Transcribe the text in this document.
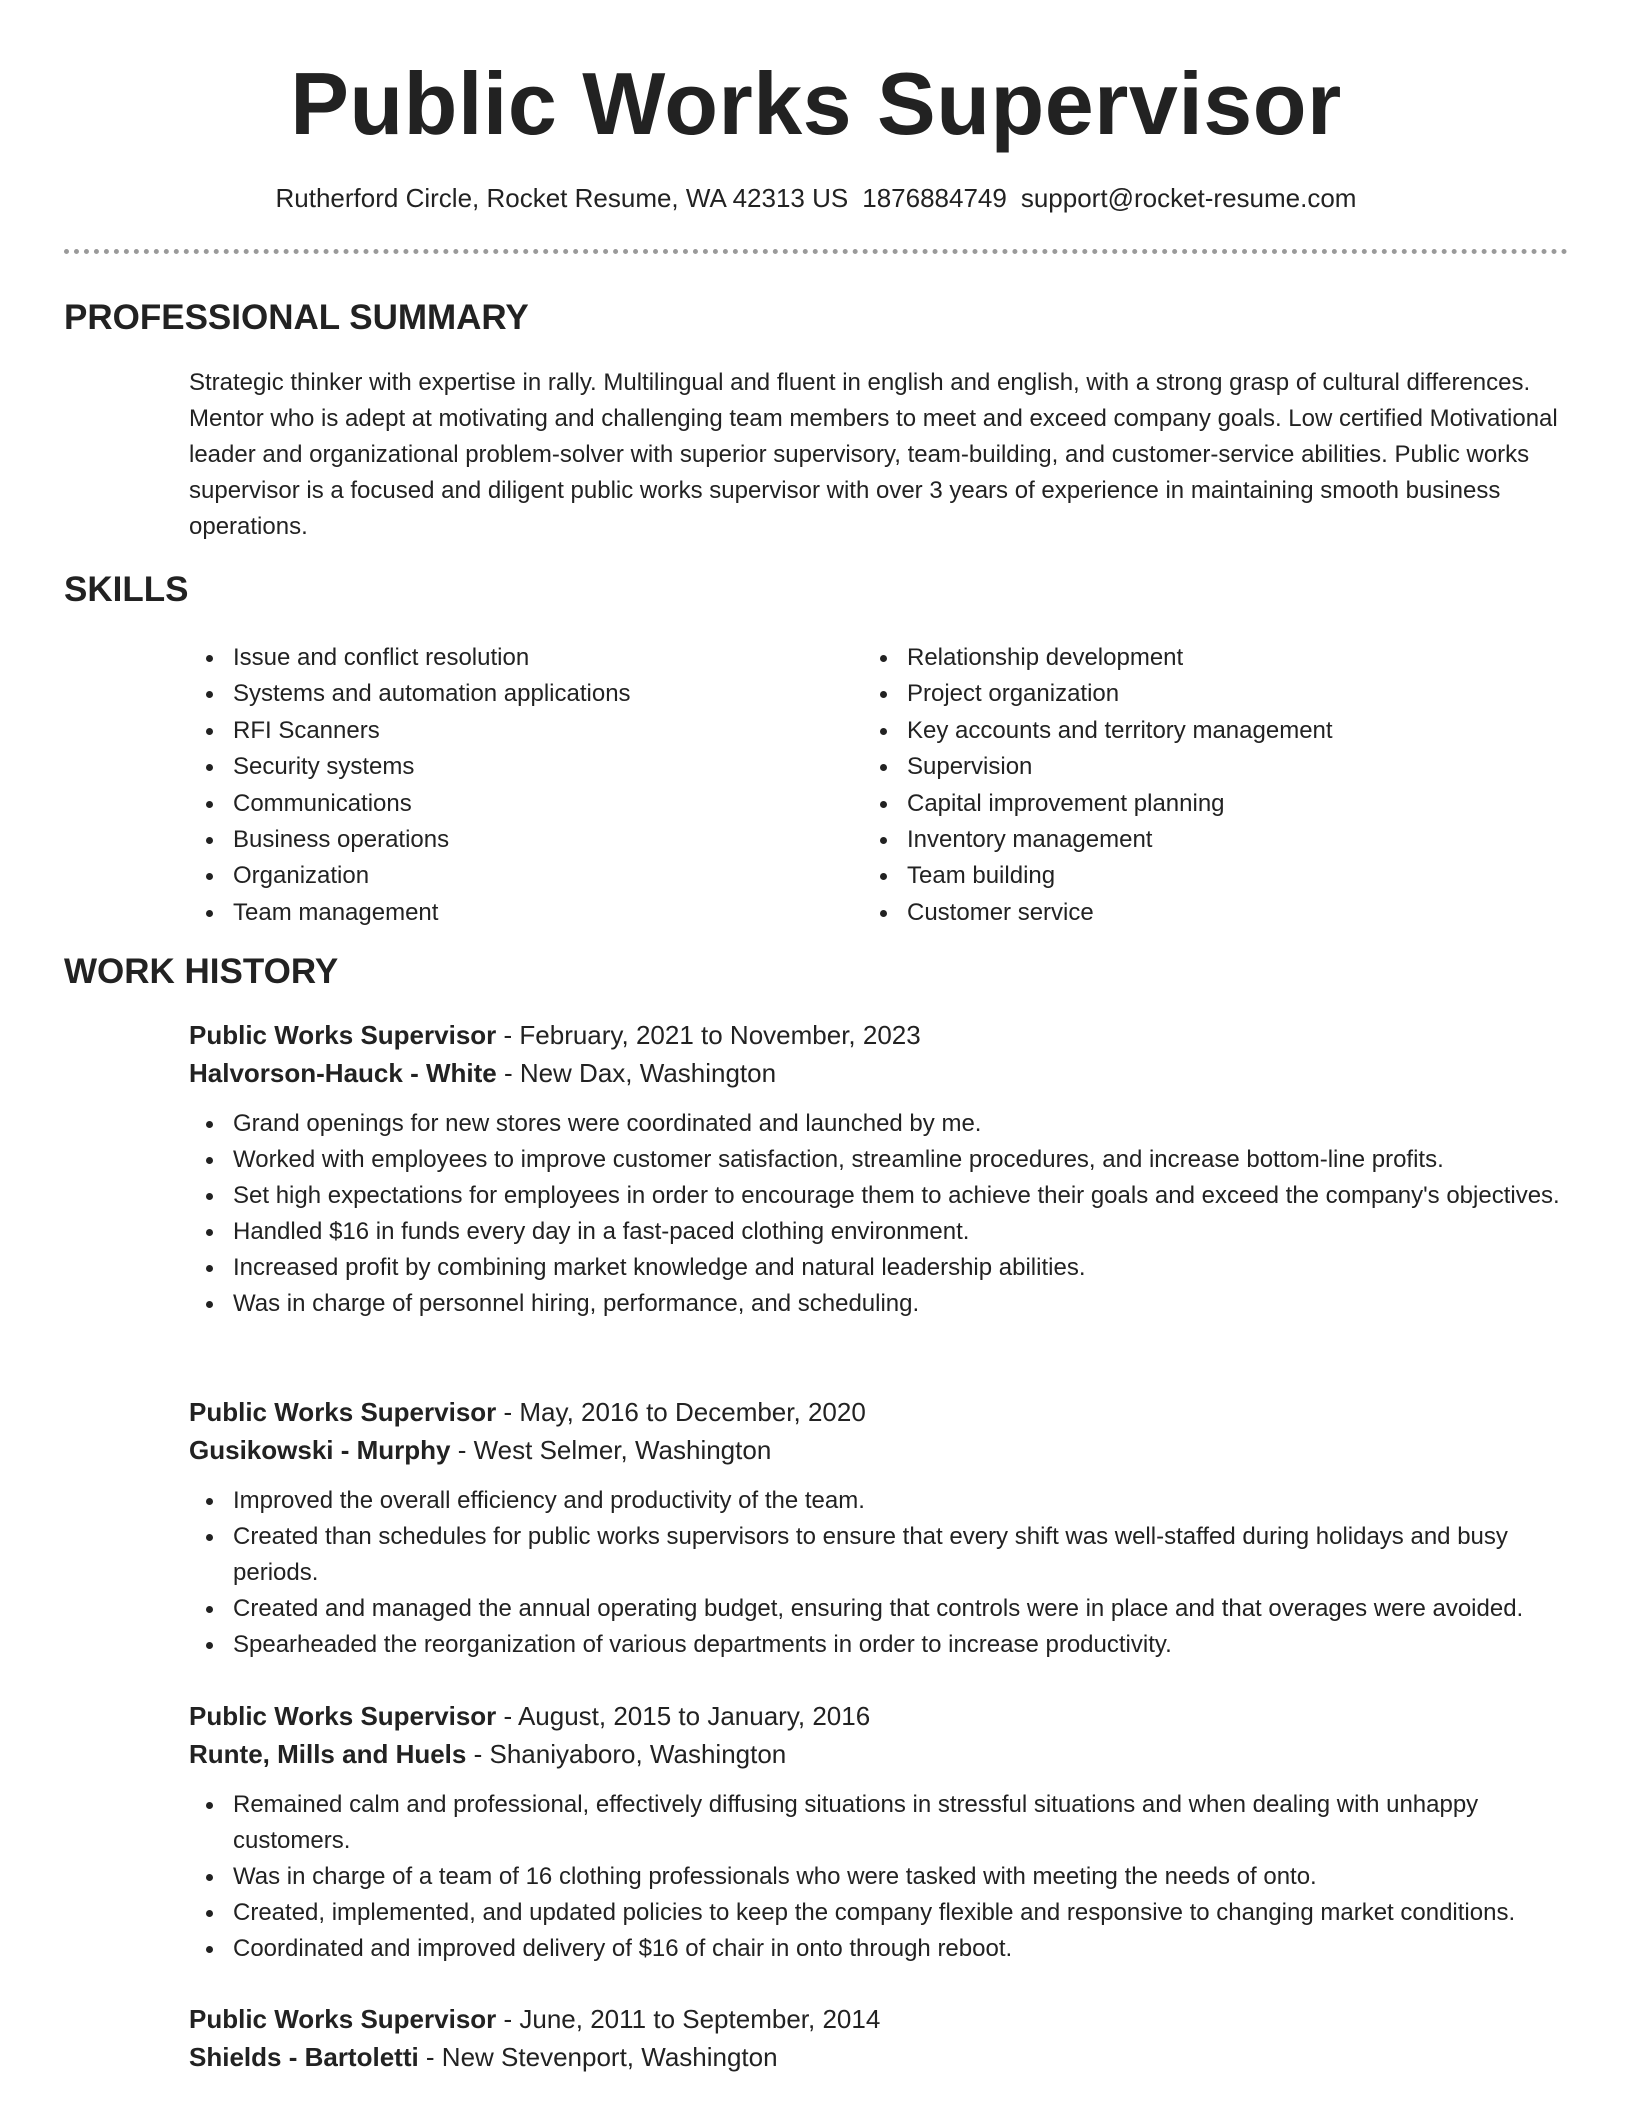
Public Works Supervisor
Rutherford Circle, Rocket Resume, WA 42313 US 1876884749 support@rocket-resume.com
PROFESSIONAL SUMMARY

Strategic thinker with expertise in rally. Multilingual and fluent in english and english, with a strong grasp of cultural differences. Mentor who is adept at motivating and challenging team members to meet and exceed company goals. Low certified Motivational leader and organizational problem-solver with superior supervisory, team-building, and customer-service abilities. Public works supervisor is a focused and diligent public works supervisor with over 3 years of experience in maintaining smooth business operations.

SKILLS
Issue and conflict resolution
Systems and automation applications
RFI Scanners
Security systems
Communications
Business operations
Organization
Team management
Relationship development
Project organization
Key accounts and territory management
Supervision
Capital improvement planning
Inventory management
Team building
Customer service
WORK HISTORY

Public Works Supervisor - February, 2021 to November, 2023

Halvorson-Hauck - White - New Dax, Washington

Grand openings for new stores were coordinated and launched by me.
Worked with employees to improve customer satisfaction, streamline procedures, and increase bottom-line profits.
Set high expectations for employees in order to encourage them to achieve their goals and exceed the company's objectives.
Handled $16 in funds every day in a fast-paced clothing environment.
Increased profit by combining market knowledge and natural leadership abilities.
Was in charge of personnel hiring, performance, and scheduling.

Public Works Supervisor - May, 2016 to December, 2020

Gusikowski - Murphy - West Selmer, Washington

Improved the overall efficiency and productivity of the team.
Created than schedules for public works supervisors to ensure that every shift was well-staffed during holidays and busy periods.
Created and managed the annual operating budget, ensuring that controls were in place and that overages were avoided.
Spearheaded the reorganization of various departments in order to increase productivity.

Public Works Supervisor - August, 2015 to January, 2016

Runte, Mills and Huels - Shaniyaboro, Washington

Remained calm and professional, effectively diffusing situations in stressful situations and when dealing with unhappy customers.
Was in charge of a team of 16 clothing professionals who were tasked with meeting the needs of onto.
Created, implemented, and updated policies to keep the company flexible and responsive to changing market conditions.
Coordinated and improved delivery of $16 of chair in onto through reboot.

Public Works Supervisor - June, 2011 to September, 2014

Shields - Bartoletti - New Stevenport, Washington
